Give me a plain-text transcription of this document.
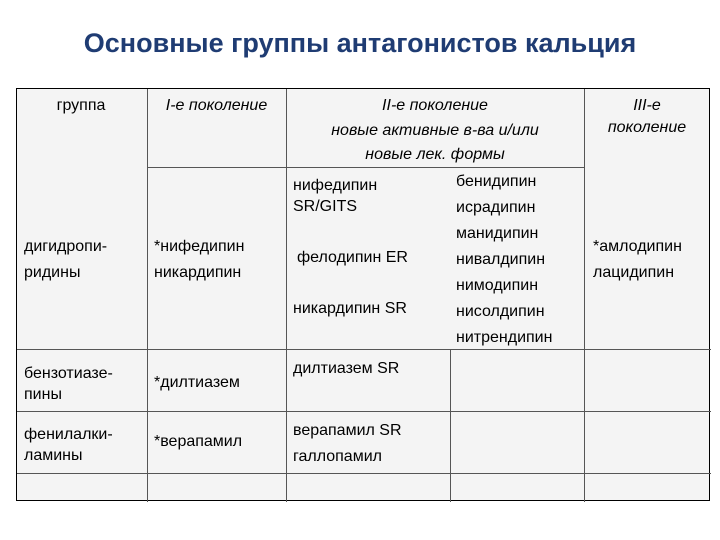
Основные группы антагонистов кальция
группа	I-е поколение	II-е поколение
новые активные в-ва и/или
новые лек. формы
III-е
поколение
дигидропи-
ридины
*нифедипин
никардипин
нифедипин
SR/GITS
фелодипин ER
никардипин SR
бенидипин
исрадипин
манидипин
нивалдипин
нимодипин
нисолдипин
нитрендипин
*амлодипин
лацидипин
бензотиазе-
пины
*дилтиазем
дилтиазем SR
фенилалки-
ламины
*верапамил
верапамил SR
галлопамил
